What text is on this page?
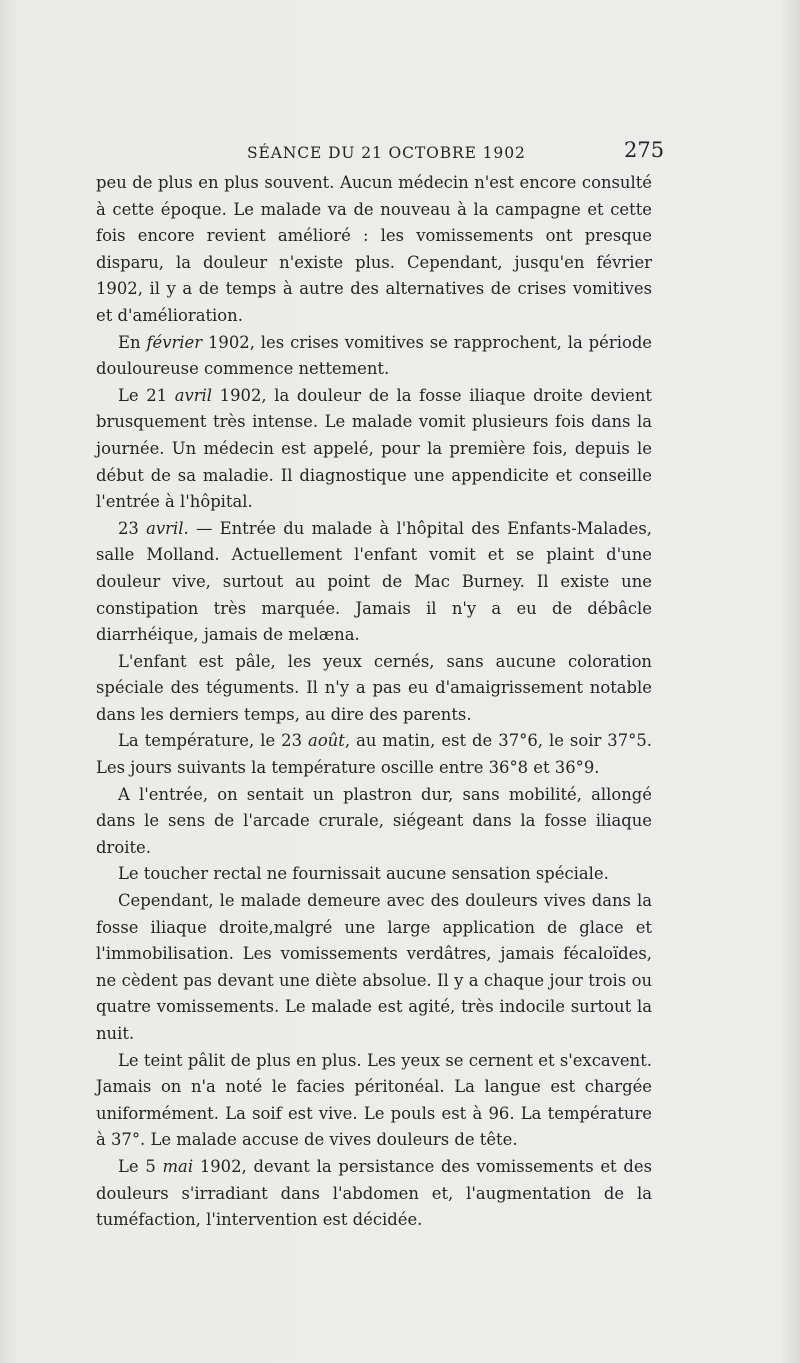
SÉANCE DU 21 OCTOBRE 1902	275

peu de plus en plus souvent. Aucun médecin n'est encore consulté à cette époque. Le malade va de nouveau à la campagne et cette fois encore revient amélioré : les vomissements ont presque disparu, la douleur n'existe plus. Cependant, jusqu'en février 1902, il y a de temps à autre des alternatives de crises vomitives et d'amélioration.

En février 1902, les crises vomitives se rapprochent, la période douloureuse commence nettement.

Le 21 avril 1902, la douleur de la fosse iliaque droite devient brusquement très intense. Le malade vomit plusieurs fois dans la journée. Un médecin est appelé, pour la première fois, depuis le début de sa maladie. Il diagnostique une appendicite et conseille l'entrée à l'hôpital.

23 avril. — Entrée du malade à l'hôpital des Enfants-Malades, salle Molland. Actuellement l'enfant vomit et se plaint d'une douleur vive, surtout au point de Mac Burney. Il existe une constipation très marquée. Jamais il n'y a eu de débâcle diarrhéique, jamais de melæna.

L'enfant est pâle, les yeux cernés, sans aucune coloration spéciale des téguments. Il n'y a pas eu d'amaigrissement notable dans les derniers temps, au dire des parents.

La température, le 23 août, au matin, est de 37°6, le soir 37°5. Les jours suivants la température oscille entre 36°8 et 36°9.

A l'entrée, on sentait un plastron dur, sans mobilité, allongé dans le sens de l'arcade crurale, siégeant dans la fosse iliaque droite.

Le toucher rectal ne fournissait aucune sensation spéciale.

Cependant, le malade demeure avec des douleurs vives dans la fosse iliaque droite,malgré une large application de glace et l'immobilisation. Les vomissements verdâtres, jamais fécaloïdes, ne cèdent pas devant une diète absolue. Il y a chaque jour trois ou quatre vomissements. Le malade est agité, très indocile surtout la nuit.

Le teint pâlit de plus en plus. Les yeux se cernent et s'excavent. Jamais on n'a noté le facies péritonéal. La langue est chargée uniformément. La soif est vive. Le pouls est à 96. La température à 37°. Le malade accuse de vives douleurs de tête.

Le 5 mai 1902, devant la persistance des vomissements et des douleurs s'irradiant dans l'abdomen et, l'augmentation de la tuméfaction, l'intervention est décidée.
